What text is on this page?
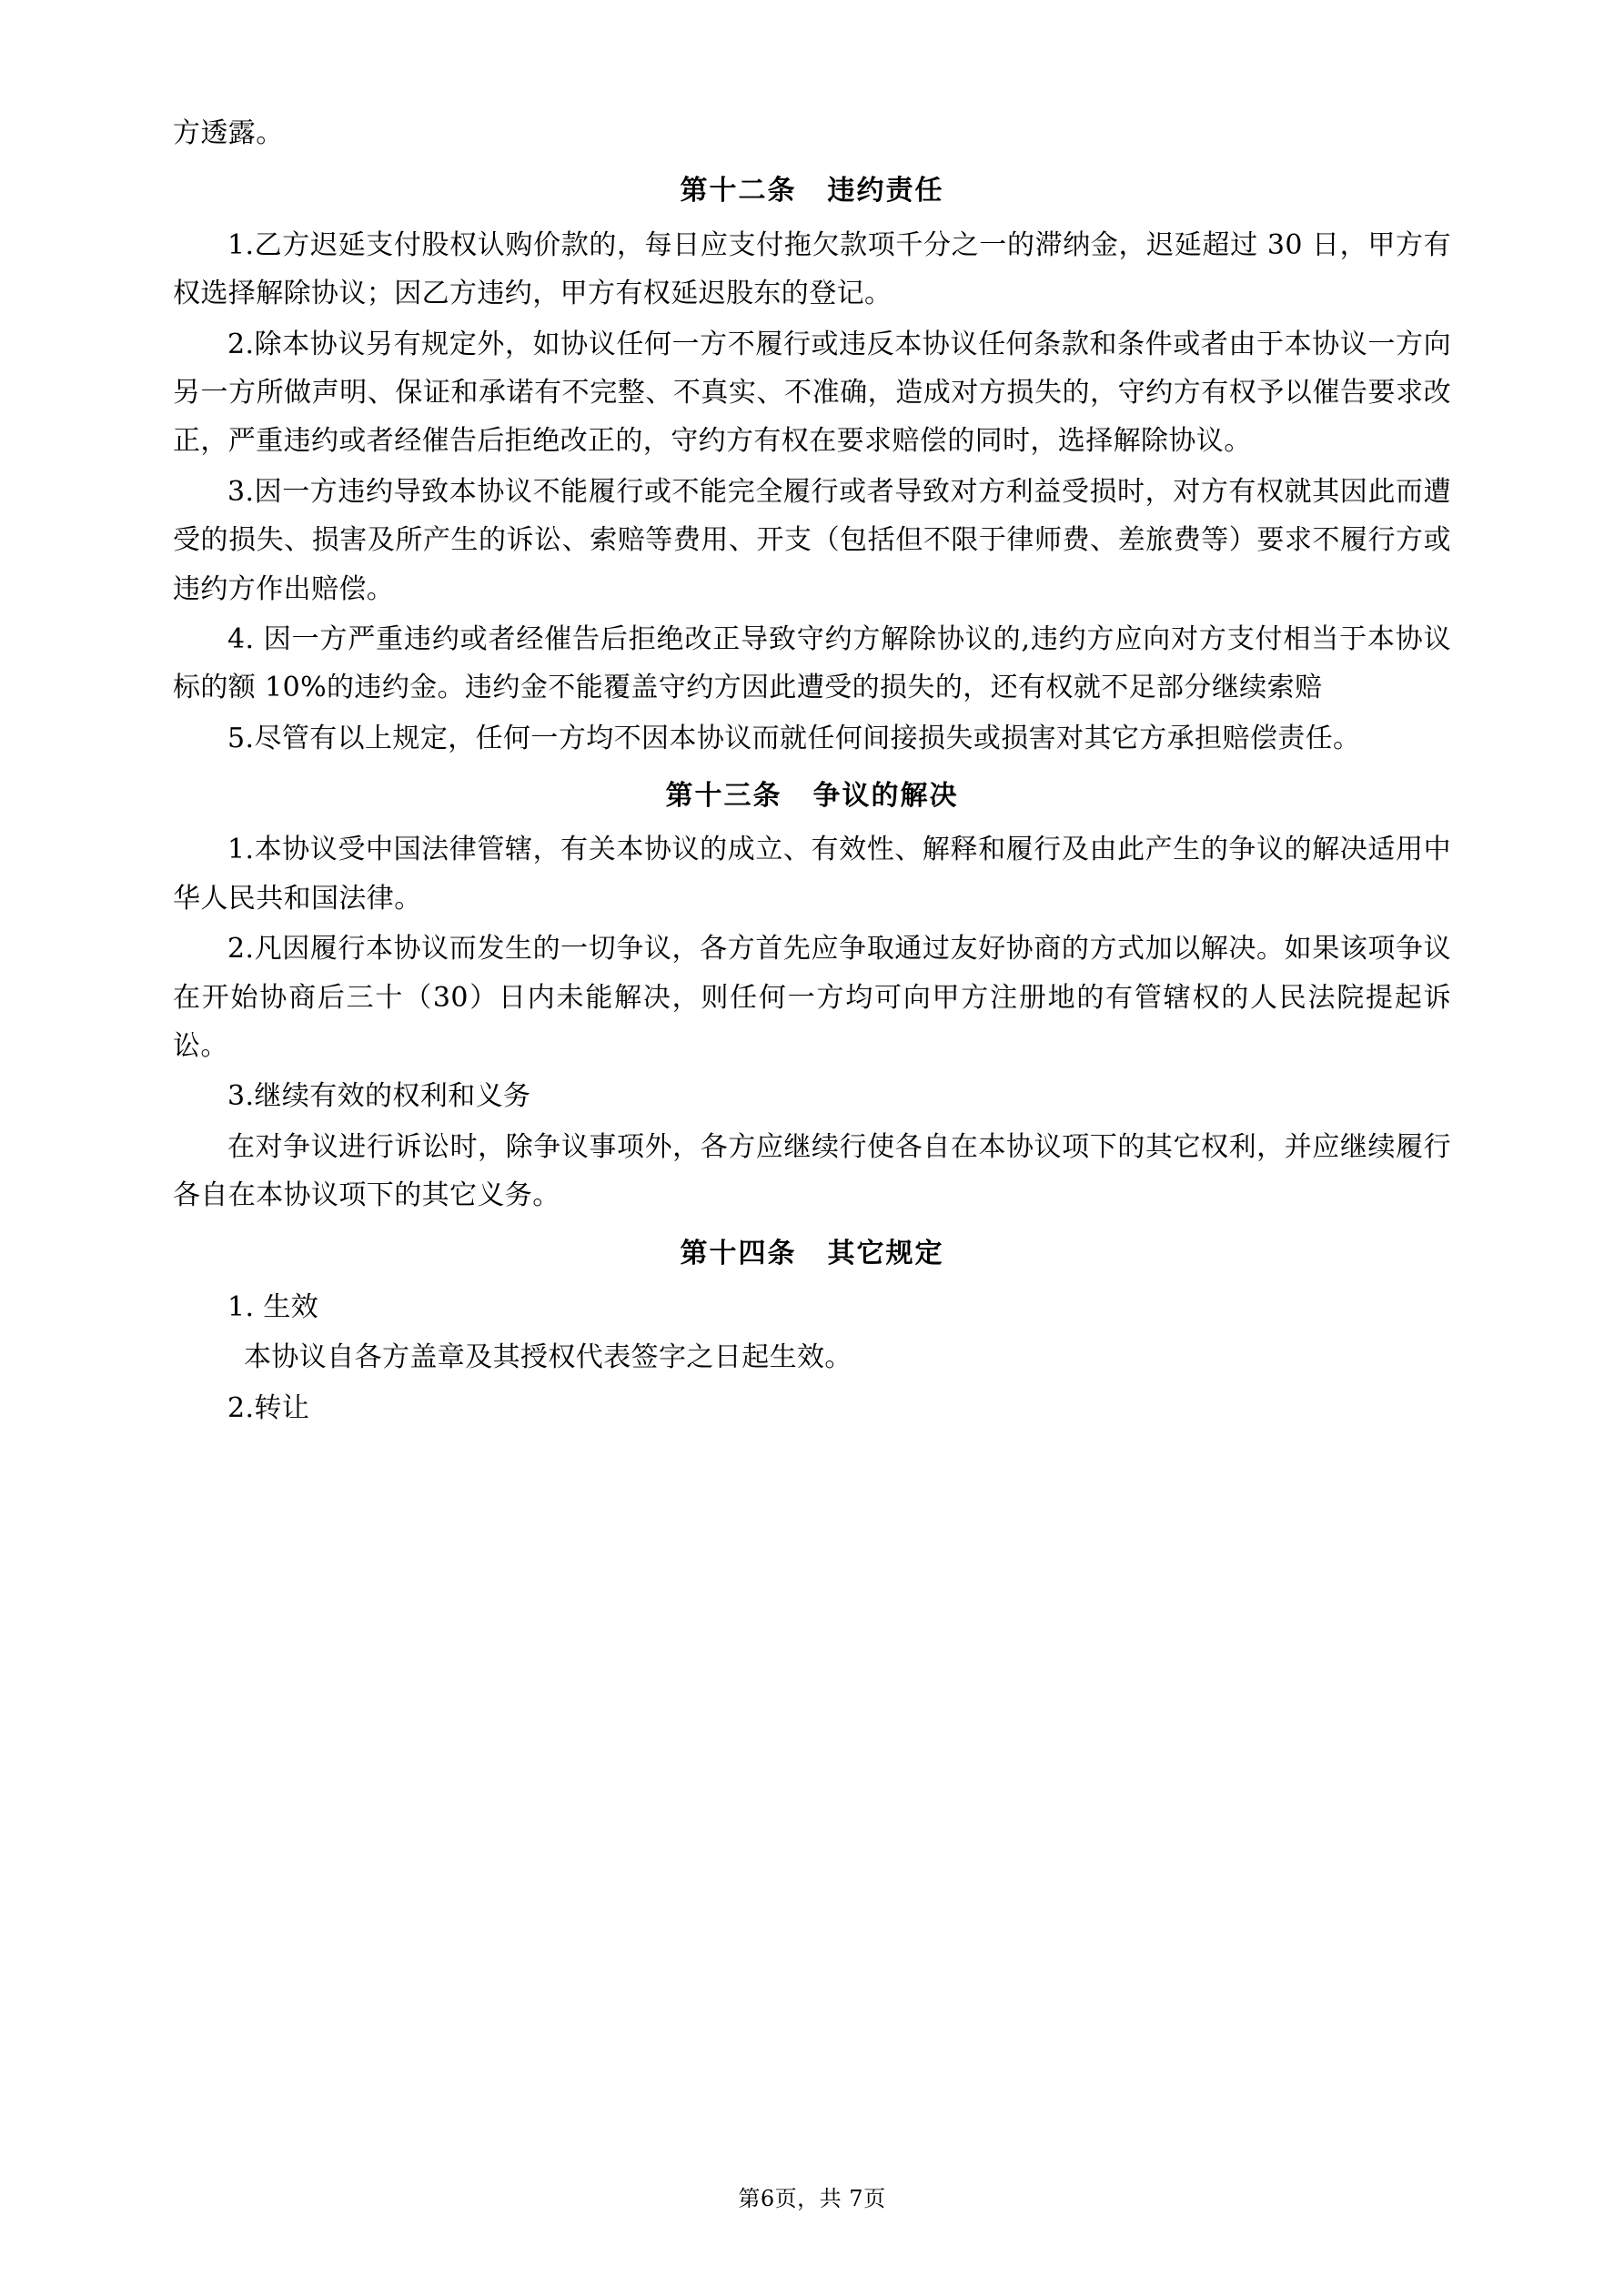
方透露。

第十二条 违约责任

1.乙方迟延支付股权认购价款的，每日应支付拖欠款项千分之一的滞纳金，迟延超过 30 日，甲方有权选择解除协议；因乙方违约，甲方有权延迟股东的登记。

2.除本协议另有规定外，如协议任何一方不履行或违反本协议任何条款和条件或者由于本协议一方向另一方所做声明、保证和承诺有不完整、不真实、不准确，造成对方损失的，守约方有权予以催告要求改正，严重违约或者经催告后拒绝改正的，守约方有权在要求赔偿的同时，选择解除协议。

3.因一方违约导致本协议不能履行或不能完全履行或者导致对方利益受损时，对方有权就其因此而遭受的损失、损害及所产生的诉讼、索赔等费用、开支（包括但不限于律师费、差旅费等）要求不履行方或违约方作出赔偿。

4. 因一方严重违约或者经催告后拒绝改正导致守约方解除协议的,违约方应向对方支付相当于本协议标的额 10%的违约金。违约金不能覆盖守约方因此遭受的损失的，还有权就不足部分继续索赔

5.尽管有以上规定，任何一方均不因本协议而就任何间接损失或损害对其它方承担赔偿责任。

第十三条 争议的解决

1.本协议受中国法律管辖，有关本协议的成立、有效性、解释和履行及由此产生的争议的解决适用中华人民共和国法律。

2.凡因履行本协议而发生的一切争议，各方首先应争取通过友好协商的方式加以解决。如果该项争议在开始协商后三十（30）日内未能解决，则任何一方均可向甲方注册地的有管辖权的人民法院提起诉讼。

3.继续有效的权利和义务

在对争议进行诉讼时，除争议事项外，各方应继续行使各自在本协议项下的其它权利，并应继续履行各自在本协议项下的其它义务。

第十四条 其它规定

1. 生效

本协议自各方盖章及其授权代表签字之日起生效。

2.转让

第6页，共 7页
